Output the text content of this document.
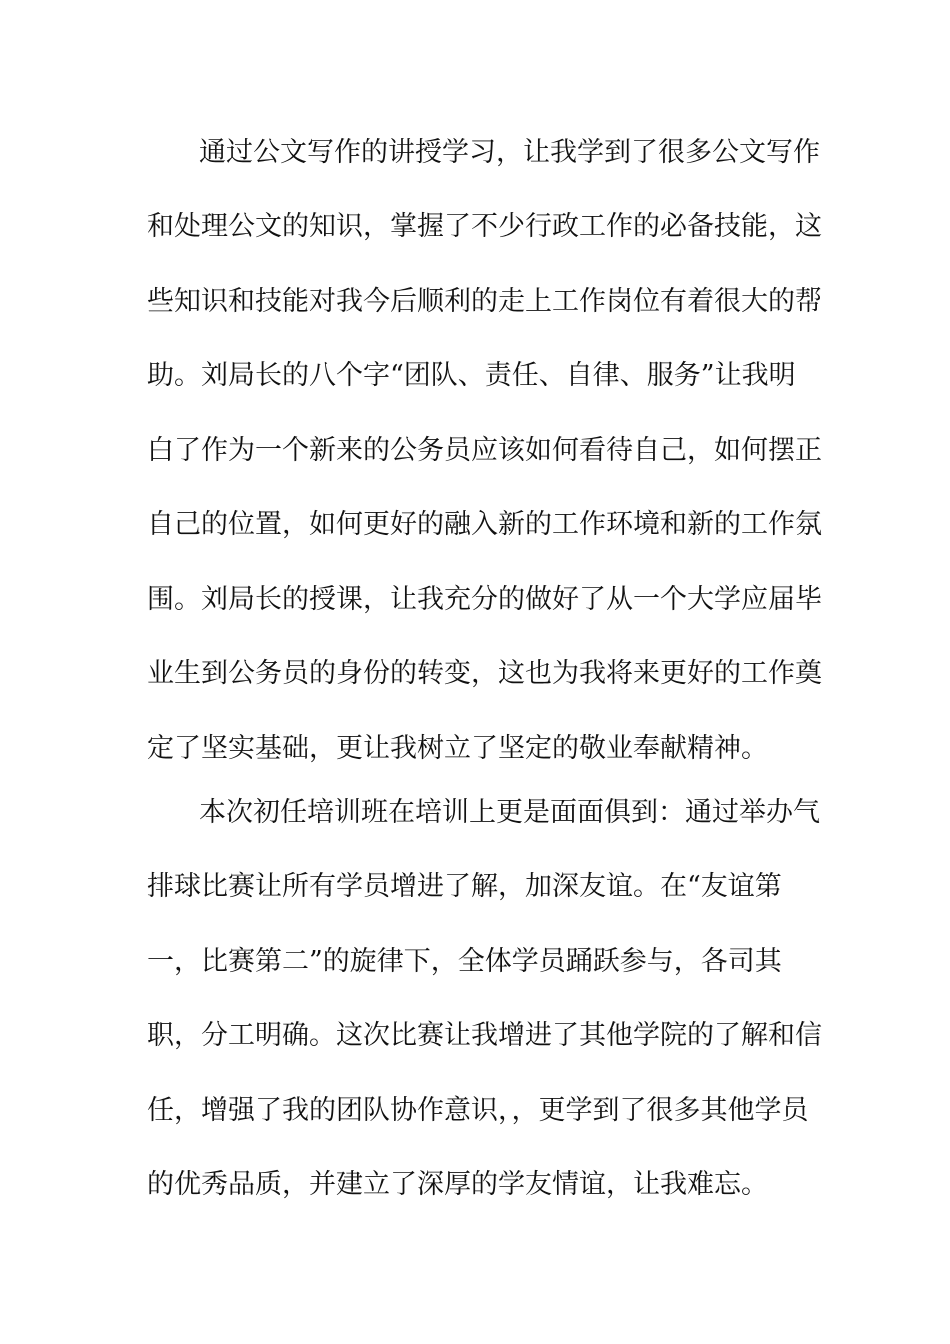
通过公文写作的讲授学习，让我学到了很多公文写作
和处理公文的知识，掌握了不少行政工作的必备技能，这
些知识和技能对我今后顺利的走上工作岗位有着很大的帮
助。刘局长的八个字“团队、责任、自律、服务”让我明
白了作为一个新来的公务员应该如何看待自己，如何摆正
自己的位置，如何更好的融入新的工作环境和新的工作氛
围。刘局长的授课，让我充分的做好了从一个大学应届毕
业生到公务员的身份的转变，这也为我将来更好的工作奠
定了坚实基础，更让我树立了坚定的敬业奉献精神。
本次初任培训班在培训上更是面面俱到：通过举办气
排球比赛让所有学员增进了解，加深友谊。在“友谊第
一，比赛第二”的旋律下，全体学员踊跃参与，各司其
职，分工明确。这次比赛让我增进了其他学院的了解和信
任，增强了我的团队协作意识，，更学到了很多其他学员
的优秀品质，并建立了深厚的学友情谊，让我难忘。
